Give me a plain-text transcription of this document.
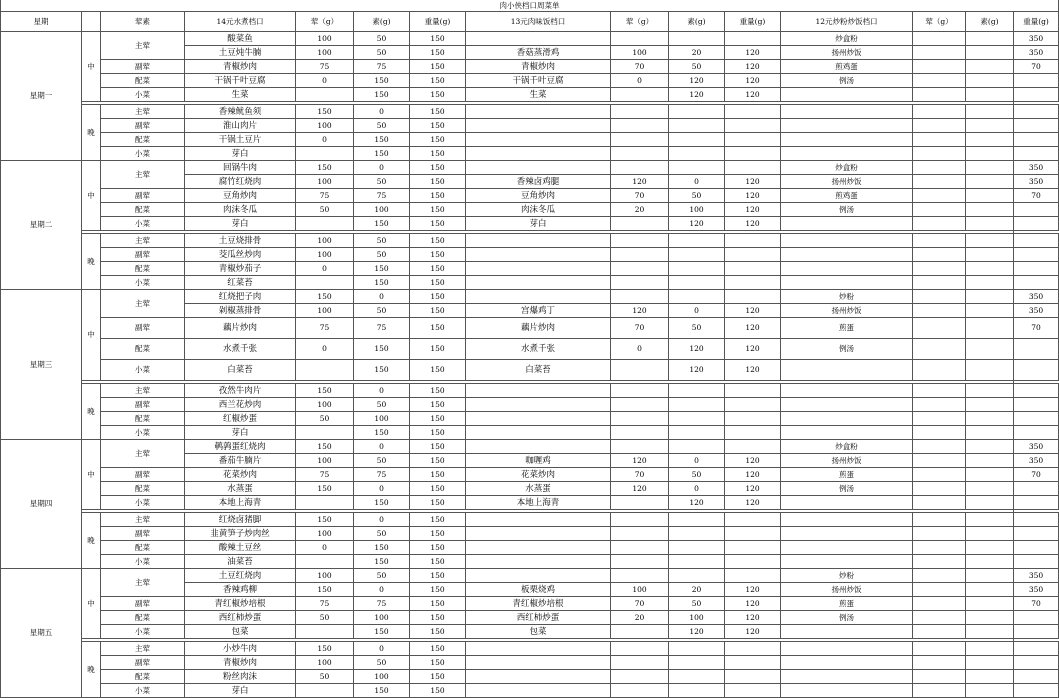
肉小侠档口周菜单														
星期		荤素	14元水煮档口	荤（g）	素(g)	重量(g)	13元肉味饭档口	荤（g）	素(g)	重量(g)	12元炒粉炒饭档口	荤（g）	素(g)	重量(g)
星期一	中	主荤	酸菜鱼	100	50	150					炒盒粉			350
			土豆炖牛腩	100	50	150	香菇蒸滑鸡	100	20	120	扬州炒饭			350
		副荤	青椒炒肉	75	75	150	青椒炒肉	70	50	120	煎鸡蛋			70
		配菜	干锅千叶豆腐	0	150	150	干锅千叶豆腐	0	120	120	例汤			
		小菜	生菜		150	150	生菜		120	120				

	晚	主荤	香辣鱿鱼须	150	0	150								
		副荤	淮山肉片	100	50	150								
		配菜	干锅土豆片	0	150	150								
		小菜	芽白		150	150								
星期二	中	主荤	回锅牛肉	150	0	150					炒盒粉			350
			腐竹红烧肉	100	50	150	香辣卤鸡腿	120	0	120	扬州炒饭			350
		副荤	豆角炒肉	75	75	150	豆角炒肉	70	50	120	煎鸡蛋			70
		配菜	肉沫冬瓜	50	100	150	肉沫冬瓜	20	100	120	例汤			
		小菜	芽白		150	150	芽白		120	120				

	晚	主荤	土豆烧排骨	100	50	150								
		副荤	茭瓜丝炒肉	100	50	150								
		配菜	青椒炒茄子	0	150	150								
		小菜	红菜苔		150	150								
星期三	中	主荤	红烧把子肉	150	0	150					炒粉			350
			剁椒蒸排骨	100	50	150	宫爆鸡丁	120	0	120	扬州炒饭			350
		副荤	藕片炒肉	75	75	150	藕片炒肉	70	50	120	煎蛋			70
		配菜	水煮千张	0	150	150	水煮千张	0	120	120	例汤			
		小菜	白菜苔		150	150	白菜苔		120	120				

	晚	主荤	孜然牛肉片	150	0	150								
		副荤	西兰花炒肉	100	50	150								
		配菜	红椒炒蛋	50	100	150								
		小菜	芽白		150	150								
星期四	中	主荤	鹌鹑蛋红烧肉	150	0	150					炒盒粉			350
			番茄牛腩片	100	50	150	咖喱鸡	120	0	120	扬州炒饭			350
		副荤	花菜炒肉	75	75	150	花菜炒肉	70	50	120	煎蛋			70
		配菜	水蒸蛋	150	0	150	水蒸蛋	120	0	120	例汤			
		小菜	本地上海青		150	150	本地上海青		120	120				

	晚	主荤	红烧卤猪脚	150	0	150								
		副荤	韭黄笋子炒肉丝	100	50	150								
		配菜	酸辣土豆丝	0	150	150								
		小菜	油菜苔		150	150								
星期五	中	主荤	土豆红烧肉	100	50	150					炒粉			350
			香辣鸡柳	150	0	150	板栗烧鸡	100	20	120	扬州炒饭			350
		副荤	青红椒炒培根	75	75	150	青红椒炒培根	70	50	120	煎蛋			70
		配菜	西红柿炒蛋	50	100	150	西红柿炒蛋	20	100	120	例汤			
		小菜	包菜		150	150	包菜		120	120				

	晚	主荤	小炒牛肉	150	0	150								
		副荤	青椒炒肉	100	50	150								
		配菜	粉丝肉沫	50	100	150								
		小菜	芽白		150	150								
